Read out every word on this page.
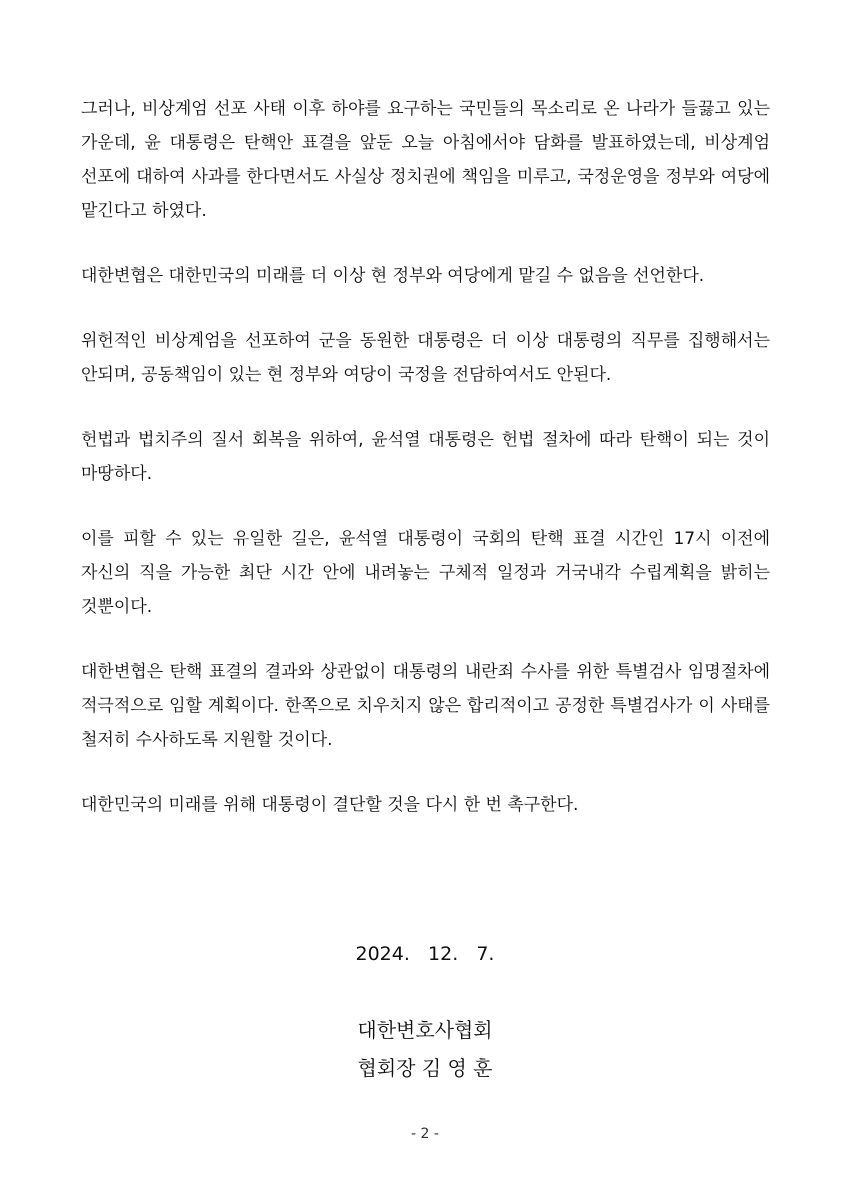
그러나, 비상계엄 선포 사태 이후 하야를 요구하는 국민들의 목소리로 온 나라가 들끓고 있는 가운데, 윤 대통령은 탄핵안 표결을 앞둔 오늘 아침에서야 담화를 발표하였는데, 비상계엄 선포에 대하여 사과를 한다면서도 사실상 정치권에 책임을 미루고, 국정운영을 정부와 여당에 맡긴다고 하였다.

대한변협은 대한민국의 미래를 더 이상 현 정부와 여당에게 맡길 수 없음을 선언한다.

위헌적인 비상계엄을 선포하여 군을 동원한 대통령은 더 이상 대통령의 직무를 집행해서는 안되며, 공동책임이 있는 현 정부와 여당이 국정을 전담하여서도 안된다.

헌법과 법치주의 질서 회복을 위하여, 윤석열 대통령은 헌법 절차에 따라 탄핵이 되는 것이 마땅하다.

이를 피할 수 있는 유일한 길은, 윤석열 대통령이 국회의 탄핵 표결 시간인 17시 이전에 자신의 직을 가능한 최단 시간 안에 내려놓는 구체적 일정과 거국내각 수립계획을 밝히는 것뿐이다.

대한변협은 탄핵 표결의 결과와 상관없이 대통령의 내란죄 수사를 위한 특별검사 임명절차에 적극적으로 임할 계획이다. 한쪽으로 치우치지 않은 합리적이고 공정한 특별검사가 이 사태를 철저히 수사하도록 지원할 것이다.

대한민국의 미래를 위해 대통령이 결단할 것을 다시 한 번 촉구한다.

2024.   12.   7.
대한변호사협회
협회장 김 영 훈
- 2 -
